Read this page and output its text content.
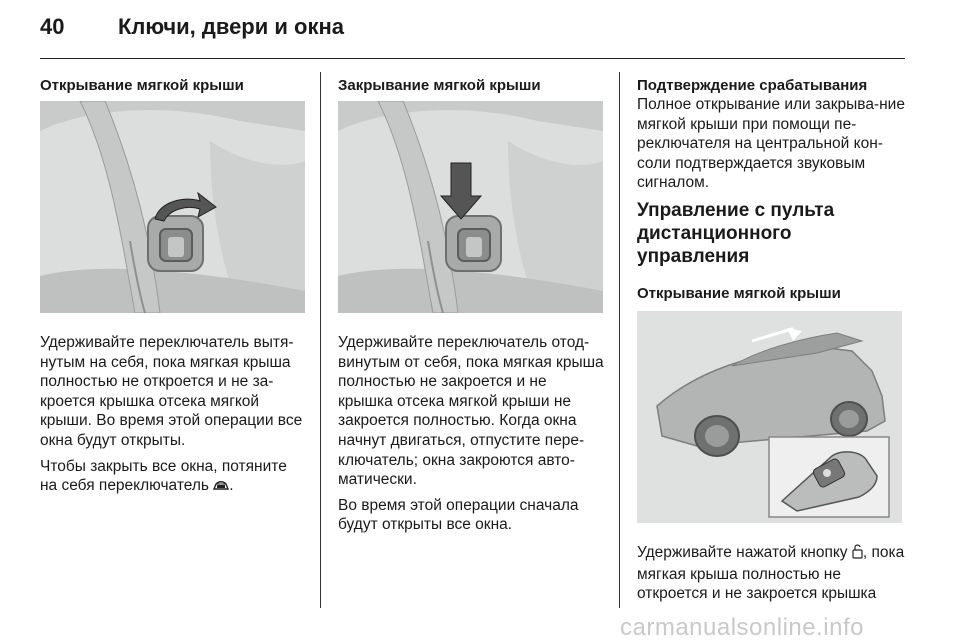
40 Ключи, двери и окна
Открывание мягкой крыши

Удерживайте переключатель вытя-нутым на себя, пока мягкая крыша полностью не откроется и не за-кроется крышка отсека мягкой крыши. Во время этой операции все окна будут открыты.

Чтобы закрыть все окна, потяните на себя переключатель .

Закрывание мягкой крыши

Удерживайте переключатель отод-винутым от себя, пока мягкая крыша полностью не закроется и не крышка отсека мягкой крыши не закроется полностью. Когда окна начнут двигаться, отпустите пере-ключатель; окна закроются авто-матически.

Во время этой операции сначала будут открыты все окна.

Подтверждение срабатывания

Полное открывание или закрыва-ние мягкой крыши при помощи пе-реключателя на центральной кон-соли подтверждается звуковым сигналом.

Управление с пульта дистанционного управления
Открывание мягкой крыши

Удерживайте нажатой кнопку , пока мягкая крыша полностью не откроется и не закроется крышка

carmanualsonline.info
